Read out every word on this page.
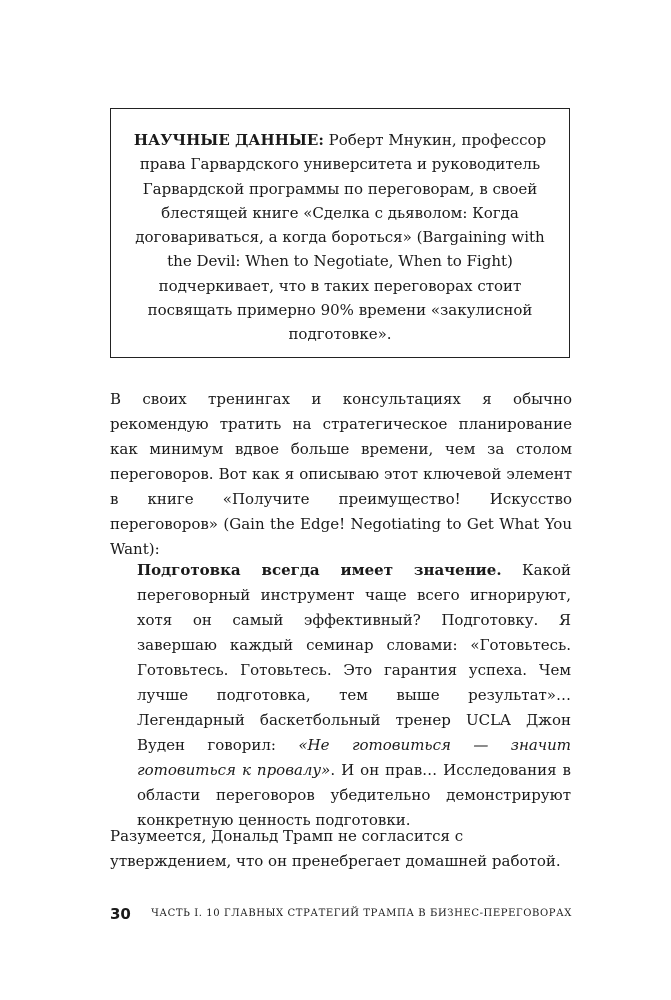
НАУЧНЫЕ ДАННЫЕ: Роберт Мнукин, профессор права Гарвардского университета и руководитель Гарвардской программы по переговорам, в своей блестящей книге «Сделка с дьяволом: Когда договариваться, а когда бороться» (Bargaining with the Devil: When to Negotiate, When to Fight) подчеркивает, что в таких переговорах стоит посвящать примерно 90% времени «закулисной подготовке».

В своих тренингах и консультациях я обычно рекомендую тратить на стратегическое планирование как минимум вдвое больше времени, чем за столом переговоров. Вот как я описываю этот ключевой элемент в книге «Получите преимущество! Искусство переговоров» (Gain the Edge! Negotiating to Get What You Want):

Подготовка всегда имеет значение. Какой переговорный инструмент чаще всего игнорируют, хотя он самый эффективный? Подготовку. Я завершаю каждый семинар словами: «Готовьтесь. Готовьтесь. Готовьтесь. Это гарантия успеха. Чем лучше подготовка, тем выше результат»… Легендарный баскетбольный тренер UCLA Джон Вуден говорил: «Не готовиться — значит готовиться к провалу». И он прав… Исследования в области переговоров убедительно демонстрируют конкретную ценность подготовки.

Разумеется, Дональд Трамп не согласится с утверждением, что он пренебрегает домашней работой.

30 ЧАСТЬ I. 10 ГЛАВНЫХ СТРАТЕГИЙ ТРАМПА В БИЗНЕС-ПЕРЕГОВОРАХ
